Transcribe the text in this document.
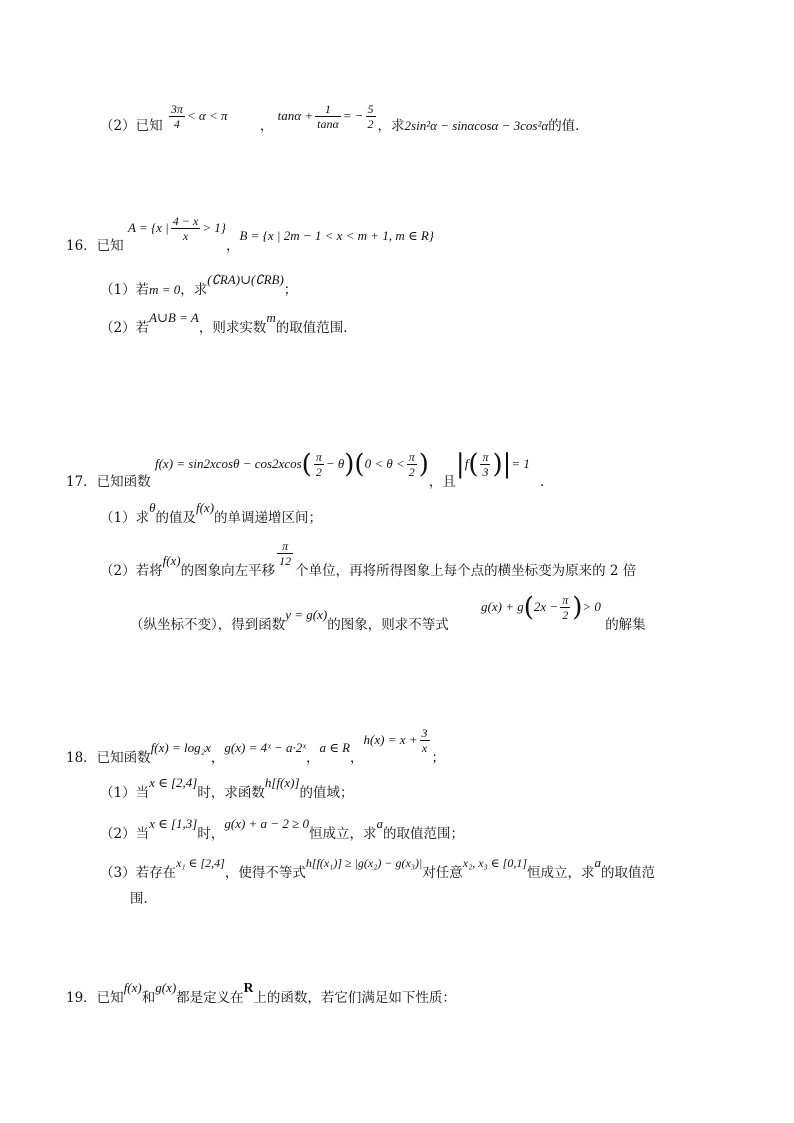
（2）已知 $\frac{3\pi}{4} < \alpha < \pi$ ， $\tan\alpha + \frac{1}{\tan\alpha}$ = − $\frac{5}{2}$ ，求2sin²α − sinαcosα − 3cos²α的值．
16．已知 A = {x | $\frac{4 - x}{x} > 1$}，B = {x | 2m − 1 < x < m + 1, m ∈ R}
（1）若m = 0，求(∁RA)∪(∁RB)；
（2）若A∪B = A，则求实数m的取值范围．
17．已知函数 $f(x) = \sin 2xcos\theta - \cos 2xcos( \frac{\pi}{2} - \theta)(0 < \theta < \frac{\pi}{2}$ )，且$|f( \frac{\pi}{3}$ )|= 1．
（1）求θ的值及f(x)的单调递增区间；
（2）若将f(x)的图象向左平移
$\frac{\pi}{12}$
个单位，再将所得图象上每个点的横坐标变为原来的 2 倍
（纵坐标不变），得到函数y = g(x)的图象，则求不等式 $g(x) + g(2x - \frac{\pi}{2}$ )> 0 的解集
18．已知函数f(x) = log₂x，g(x) = 4ˣ − a·2ˣ，a ∈ R，$h(x) = x + \frac{3}{x}$
；
（1）当x ∈ [2,4]时，求函数h[f(x)]的值域；
（2）当x ∈ [1,3]时，g(x) + a − 2 ≥ 0恒成立，求a的取值范围；
（3）若存在x₁ ∈ [2,4]，使得不等式h[f(x₁)] ≥ |g(x₂) − g(x₃)|对任意x₂, x₃ ∈ [0,1]恒成立，求a的取值范
围．
19．已知f(x)和g(x)都是定义在R上的函数，若它们满足如下性质：
